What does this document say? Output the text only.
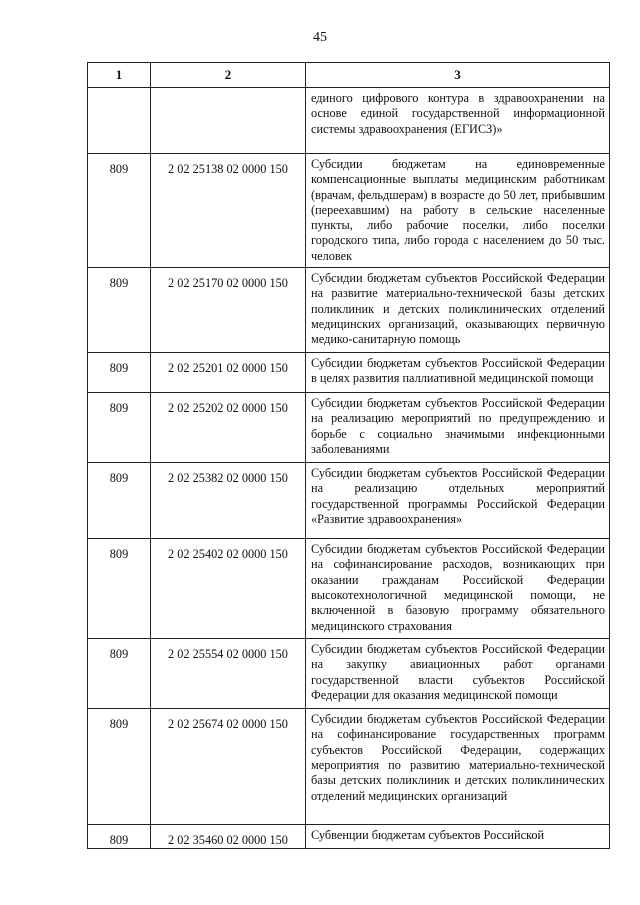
45
1	2	3
		единого цифрового контура в здравоохранении на основе единой государственной информационной системы здравоохранения (ЕГИСЗ)»
809	2 02 25138 02 0000 150	Субсидии бюджетам на единовременные компенсационные выплаты медицинским работникам (врачам, фельдшерам) в возрасте до 50 лет, прибывшим (переехавшим) на работу в сельские населенные пункты, либо рабочие поселки, либо поселки городского типа, либо города с населением до 50 тыс. человек
809	2 02 25170 02 0000 150	Субсидии бюджетам субъектов Российской Федерации на развитие материально-технической базы детских поликлиник и детских поликлинических отделений медицинских организаций, оказывающих первичную медико-санитарную помощь
809	2 02 25201 02 0000 150	Субсидии бюджетам субъектов Российской Федерации в целях развития паллиативной медицинской помощи
809	2 02 25202 02 0000 150	Субсидии бюджетам субъектов Российской Федерации на реализацию мероприятий по предупреждению и борьбе с социально значимыми инфекционными заболеваниями
809	2 02 25382 02 0000 150	Субсидии бюджетам субъектов Российской Федерации на реализацию отдельных мероприятий государственной программы Российской Федерации «Развитие здравоохранения»
809	2 02 25402 02 0000 150	Субсидии бюджетам субъектов Российской Федерации на софинансирование расходов, возникающих при оказании гражданам Российской Федерации высокотехнологичной медицинской помощи, не включенной в базовую программу обязательного медицинского страхования
809	2 02 25554 02 0000 150	Субсидии бюджетам субъектов Российской Федерации на закупку авиационных работ органами государственной власти субъектов Российской Федерации для оказания медицинской помощи
809	2 02 25674 02 0000 150	Субсидии бюджетам субъектов Российской Федерации на софинансирование государственных программ субъектов Российской Федерации, содержащих мероприятия по развитию материально-технической базы детских поликлиник и детских поликлинических отделений медицинских организаций
809	2 02 35460 02 0000 150	Субвенции бюджетам субъектов Российской
